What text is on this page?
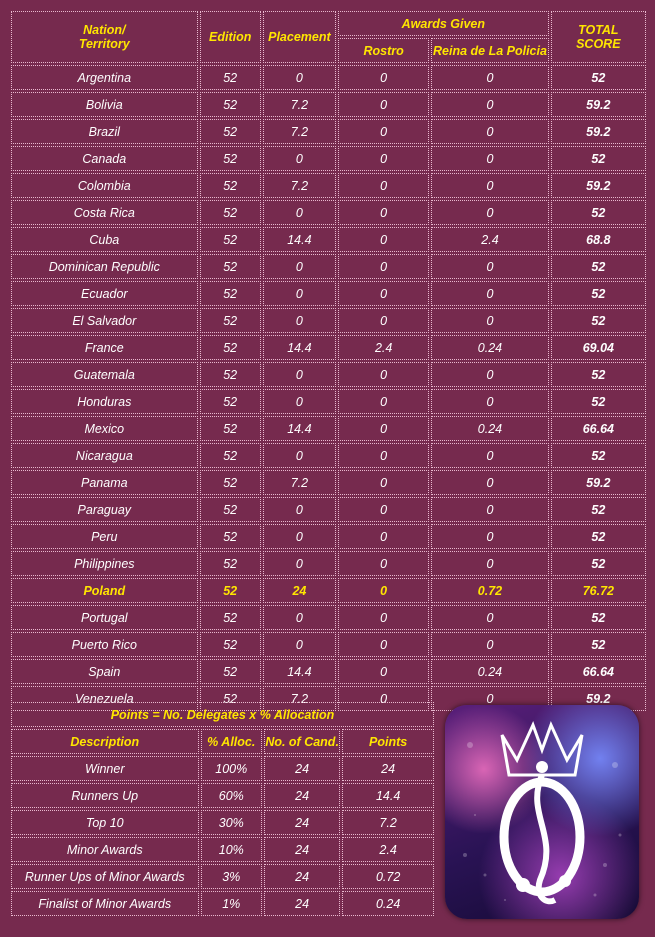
Nation/
Territory	Edition	Placement	Awards Given		TOTAL
SCORE
			Rostro	Reina de La Policia	
Argentina	52	0	0	0	52
Bolivia	52	7.2	0	0	59.2
Brazil	52	7.2	0	0	59.2
Canada	52	0	0	0	52
Colombia	52	7.2	0	0	59.2
Costa Rica	52	0	0	0	52
Cuba	52	14.4	0	2.4	68.8
Dominican Republic	52	0	0	0	52
Ecuador	52	0	0	0	52
El Salvador	52	0	0	0	52
France	52	14.4	2.4	0.24	69.04
Guatemala	52	0	0	0	52
Honduras	52	0	0	0	52
Mexico	52	14.4	0	0.24	66.64
Nicaragua	52	0	0	0	52
Panama	52	7.2	0	0	59.2
Paraguay	52	0	0	0	52
Peru	52	0	0	0	52
Philippines	52	0	0	0	52
Poland	52	24	0	0.72	76.72
Portugal	52	0	0	0	52
Puerto Rico	52	0	0	0	52
Spain	52	14.4	0	0.24	66.64
Venezuela	52	7.2	0	0	59.2
Points = No. Delegates x % Allocation			
Description	% Alloc.	No. of Cand.	Points
Winner	100%	24	24
Runners Up	60%	24	14.4
Top 10	30%	24	7.2
Minor Awards	10%	24	2.4
Runner Ups of Minor Awards	3%	24	0.72
Finalist of Minor Awards	1%	24	0.24
